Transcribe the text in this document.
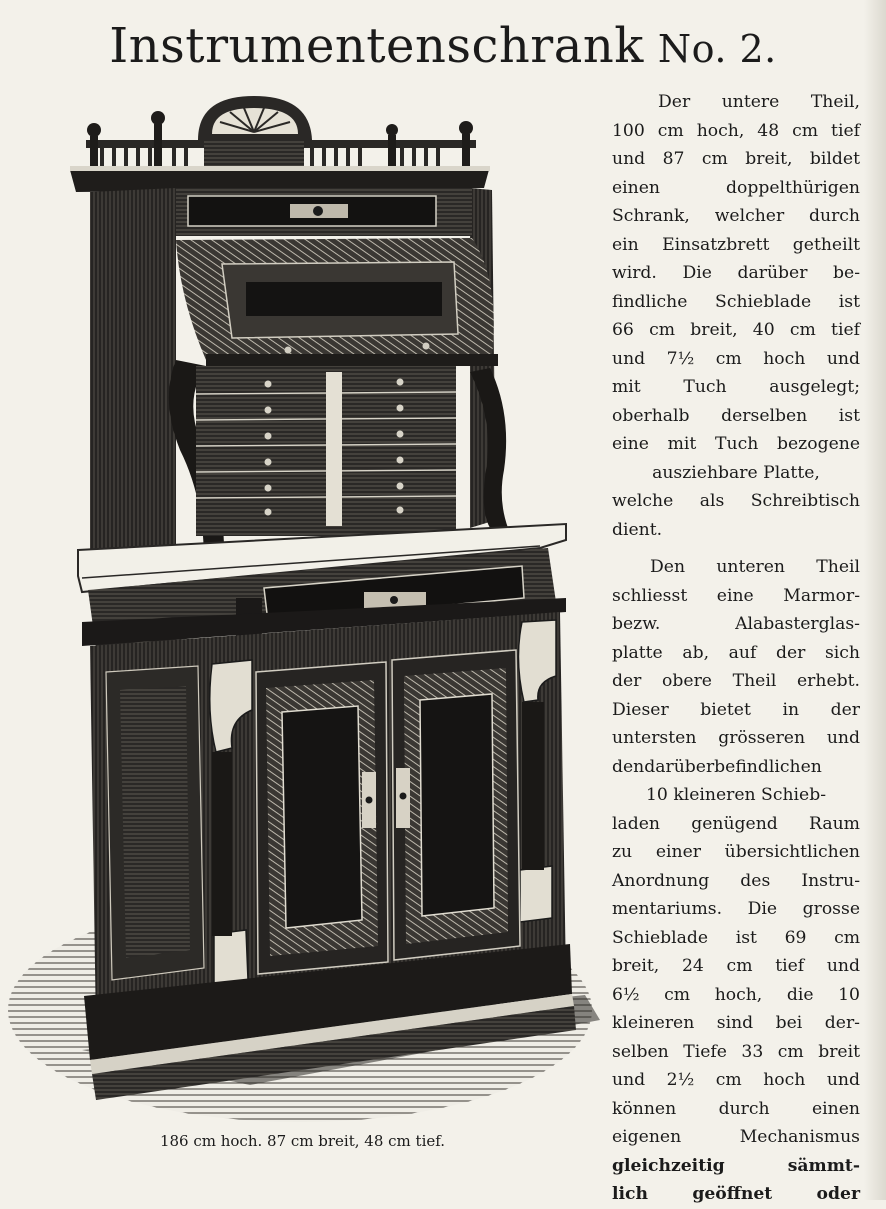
Instrumentenschrank No. 2.
186 cm hoch. 87 cm breit, 48 cm tief.
Der untere Theil,
100 cm hoch, 48 cm tief
und 87 cm breit, bildet
einen doppelthürigen
Schrank, welcher durch
ein Einsatzbrett getheilt
wird. Die darüber be-
findliche Schieblade ist
66 cm breit, 40 cm tief
und 7½ cm hoch und
mit Tuch ausgelegt;
oberhalb derselben ist
eine mit Tuch bezogene
ausziehbare Platte,
welche als Schreibtisch
dient.
Den unteren Theil
schliesst eine Marmor-
bezw. Alabasterglas-
platte ab, auf der sich
der obere Theil erhebt.
Dieser bietet in der
untersten grösseren und
dendarüberbefindlichen
10 kleineren Schieb-
laden genügend Raum
zu einer übersichtlichen
Anordnung des Instru-
mentariums. Die grosse
Schieblade ist 69 cm
breit, 24 cm tief und
6½ cm hoch, die 10
kleineren sind bei der-
selben Tiefe 33 cm breit
und 2½ cm hoch und
können durch einen
eigenen Mechanismus
gleichzeitig sämmt-
lich geöffnet oder
